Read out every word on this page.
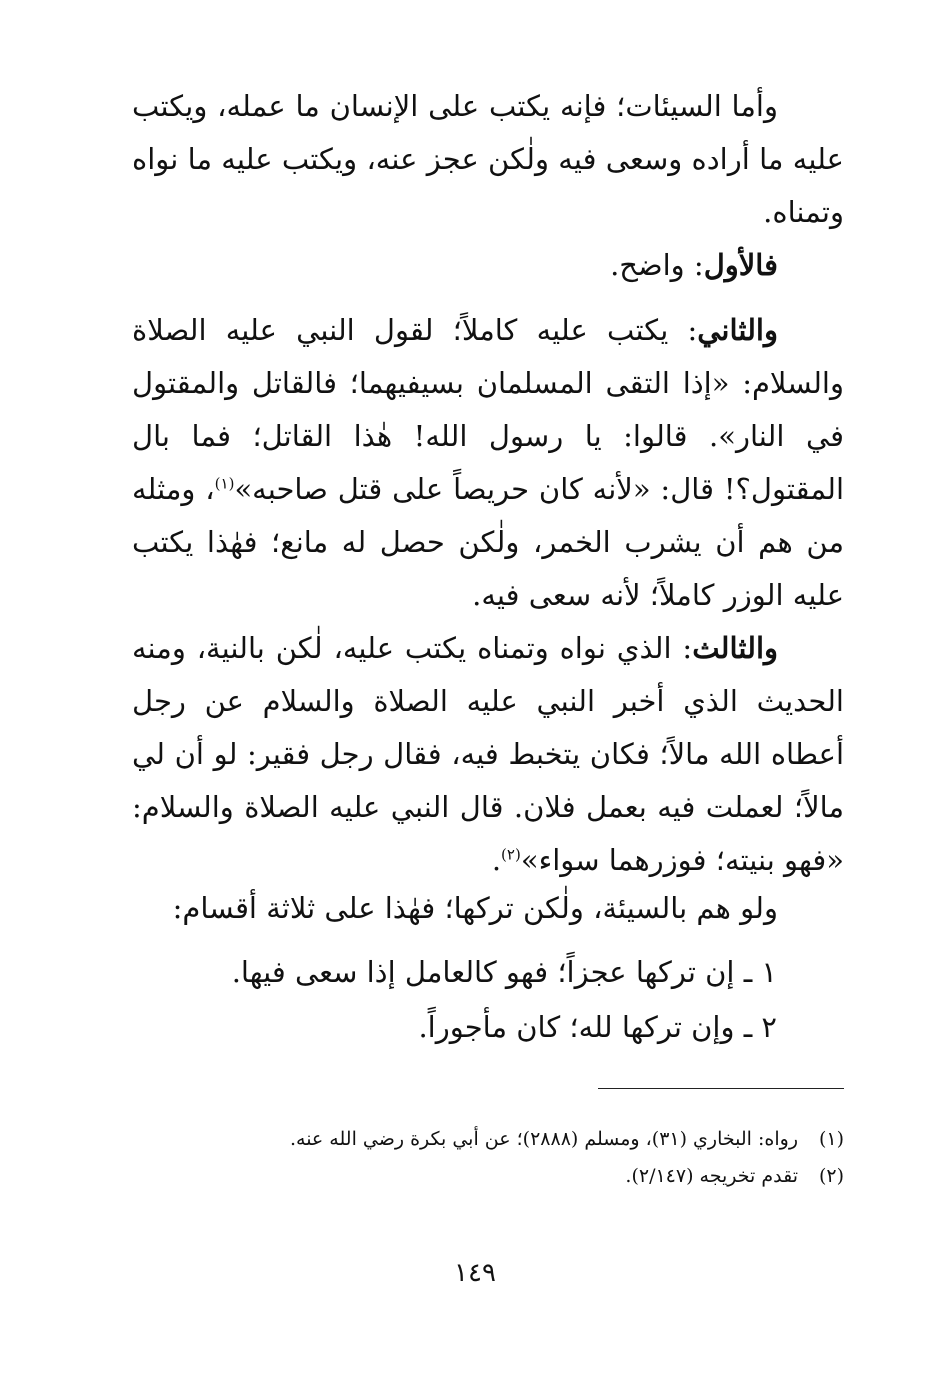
وأما السيئات؛ فإنه يكتب على الإنسان ما عمله، ويكتب عليه ما أراده وسعى فيه ولٰكن عجز عنه، ويكتب عليه ما نواه وتمناه.

فالأول: واضح.

والثاني: يكتب عليه كاملاً؛ لقول النبي عليه الصلاة والسلام: «إذا التقى المسلمان بسيفيهما؛ فالقاتل والمقتول في النار». قالوا: يا رسول الله! هٰذا القاتل؛ فما بال المقتول؟! قال: «لأنه كان حريصاً على قتل صاحبه»$^{(١)}$، ومثله من هم أن يشرب الخمر، ولٰكن حصل له مانع؛ فهٰذا يكتب عليه الوزر كاملاً؛ لأنه سعى فيه.

والثالث: الذي نواه وتمناه يكتب عليه، لٰكن بالنية، ومنه الحديث الذي أخبر النبي عليه الصلاة والسلام عن رجل أعطاه الله مالاً؛ فكان يتخبط فيه، فقال رجل فقير: لو أن لي مالاً؛ لعملت فيه بعمل فلان. قال النبي عليه الصلاة والسلام: «فهو بنيته؛ فوزرهما سواء»$^{(٢)}$.

ولو هم بالسيئة، ولٰكن تركها؛ فهٰذا على ثلاثة أقسام:

١ ـ إن تركها عجزاً؛ فهو كالعامل إذا سعى فيها.
٢ ـ وإن تركها لله؛ كان مأجوراً.
(١)رواه: البخاري (٣١)، ومسلم (٢٨٨٨)؛ عن أبي بكرة رضي الله عنه.
(٢)تقدم تخريجه (٢/١٤٧).
١٤٩
